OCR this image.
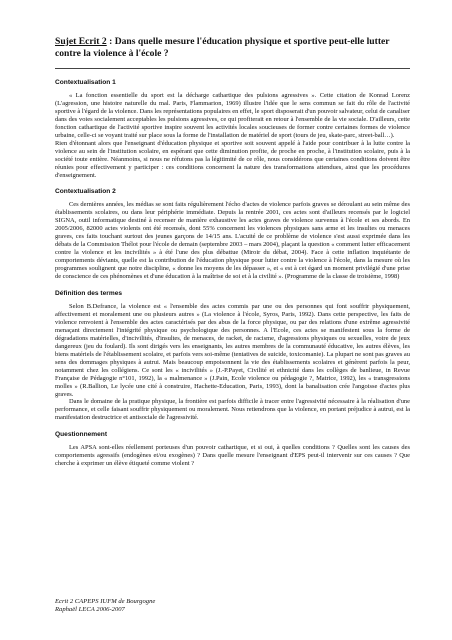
Sujet Ecrit 2 : Dans quelle mesure l'éducation physique et sportive peut-elle lutter contre la violence à l'école ?
Contextualisation 1

« La fonction essentielle du sport est la décharge cathartique des pulsions agressives ». Cette citation de Konrad Lorenz (L'agression, une histoire naturelle du mal. Paris, Flammarion, 1969) illustre l'idée que le sens commun se fait du rôle de l'activité sportive à l'égard de la violence. Dans les représentations populaires en effet, le sport disposerait d'un pouvoir salvateur, celui de canaliser dans des voies socialement acceptables les pulsions agressives, ce qui profiterait en retour à l'ensemble de la vie sociale. D'ailleurs, cette fonction cathartique de l'activité sportive inspire souvent les activités locales soucieuses de former contre certaines formes de violence urbaine, celle-ci se voyant traité sur place sous la forme de l'installation de matériel de sport (tours de jeu, skate-parc, street-ball…).

Rien d'étonnant alors que l'enseignant d'éducation physique et sportive soit souvent appelé à l'aide pour contribuer à la lutte contre la violence au sein de l'institution scolaire, en espérant que cette diminution profite, de proche en proche, à l'institution scolaire, puis à la société toute entière. Néanmoins, si nous ne réfutons pas la légitimité de ce rôle, nous considérons que certaines conditions doivent être réunies pour effectivement y participer : ces conditions concernent la nature des transformations attendues, ainsi que les procédures d'enseignement.

Contextualisation 2

Ces dernières années, les médias se sont faits régulièrement l'écho d'actes de violence parfois graves se déroulant au sein même des établissements scolaires, ou dans leur périphérie immédiate. Depuis la rentrée 2001, ces actes sont d'ailleurs recensés par le logiciel SIGNA, outil informatique destiné à recenser de manière exhaustive les actes graves de violence survenus à l'école et ses abords. En 2005/2006, 82000 actes violents ont été recensés, dont 55% concernent les violences physiques sans arme et les insultes ou menaces graves, ces faits touchant surtout des jeunes garçons de 14/15 ans. L'acuité de ce problème de violence s'est aussi exprimée dans les débats de la Commission Thélot pour l'école de demain (septembre 2003 – mars 2004), plaçant la question « comment lutter efficacement contre la violence et les incivilités » à été l'une des plus débattue (Miroir du débat, 2004). Face à cette inflation inquiétante de comportements déviants, quelle est la contribution de l'éducation physique pour lutter contre la violence à l'école, dans la mesure où les programmes soulignent que notre discipline, « donne les moyens de les dépasser », et « est à cet égard un moment privilégié d'une prise de conscience de ces phénomènes et d'une éducation à la maîtrise de soi et à la civilité ». (Programme de la classe de troisième, 1998)

Définition des termes

Selon B.Defrance, la violence est « l'ensemble des actes commis par une ou des personnes qui font souffrir physiquement, affectivement et moralement une ou plusieurs autres » (La violence à l'école, Syros, Paris, 1992). Dans cette perspective, les faits de violence renvoient à l'ensemble des actes caractérisés par des abus de la force physique, ou par des relations d'une extrême agressivité menaçant directement l'intégrité physique ou psychologique des personnes. A l'Ecole, ces actes se manifestent sous la forme de dégradations matérielles, d'incivilités, d'insultes, de menaces, de racket, de racisme, d'agressions physiques ou sexuelles, voire de jeux dangereux (jeu du foulard). Ils sont dirigés vers les enseignants, les autres membres de la communauté éducative, les autres élèves, les biens matériels de l'établissement scolaire, et parfois vers soi-même (tentatives de suicide, toxicomanie). La plupart ne sont pas graves au sens des dommages physiques à autrui. Mais beaucoup empoisonnent la vie des établissements scolaires et génèrent parfois la peur, notamment chez les collégiens. Ce sont les « incivilités » (J.-P.Payet, Civilité et ethnicité dans les collèges de banlieue, in Revue Française de Pédagogie n°101, 1992), la « malmenance » (J.Pain, Ecole violence ou pédagogie ?, Matrice, 1992), les « transgressions molles » (R.Ballion, Le lycée une cité à construire, Hachette-Education, Paris, 1993), dont la banalisation crée l'angoisse d'actes plus graves.

Dans le domaine de la pratique physique, la frontière est parfois difficile à tracer entre l'agressivité nécessaire à la réalisation d'une performance, et celle faisant souffrir physiquement ou moralement. Nous retiendrons que la violence, en portant préjudice à autrui, est la manifestation destructrice et antisociale de l'agressivité.

Questionnement

Les APSA sont-elles réellement porteuses d'un pouvoir cathartique, et si oui, à quelles conditions ? Quelles sont les causes des comportements agressifs (endogènes et/ou exogènes) ? Dans quelle mesure l'enseignant d'EPS peut-il intervenir sur ces causes ? Que cherche à exprimer un élève étiqueté comme violent ?

Ecrit 2 CAPEPS IUFM de Bourgogne
Raphaël LECA 2006-2007
